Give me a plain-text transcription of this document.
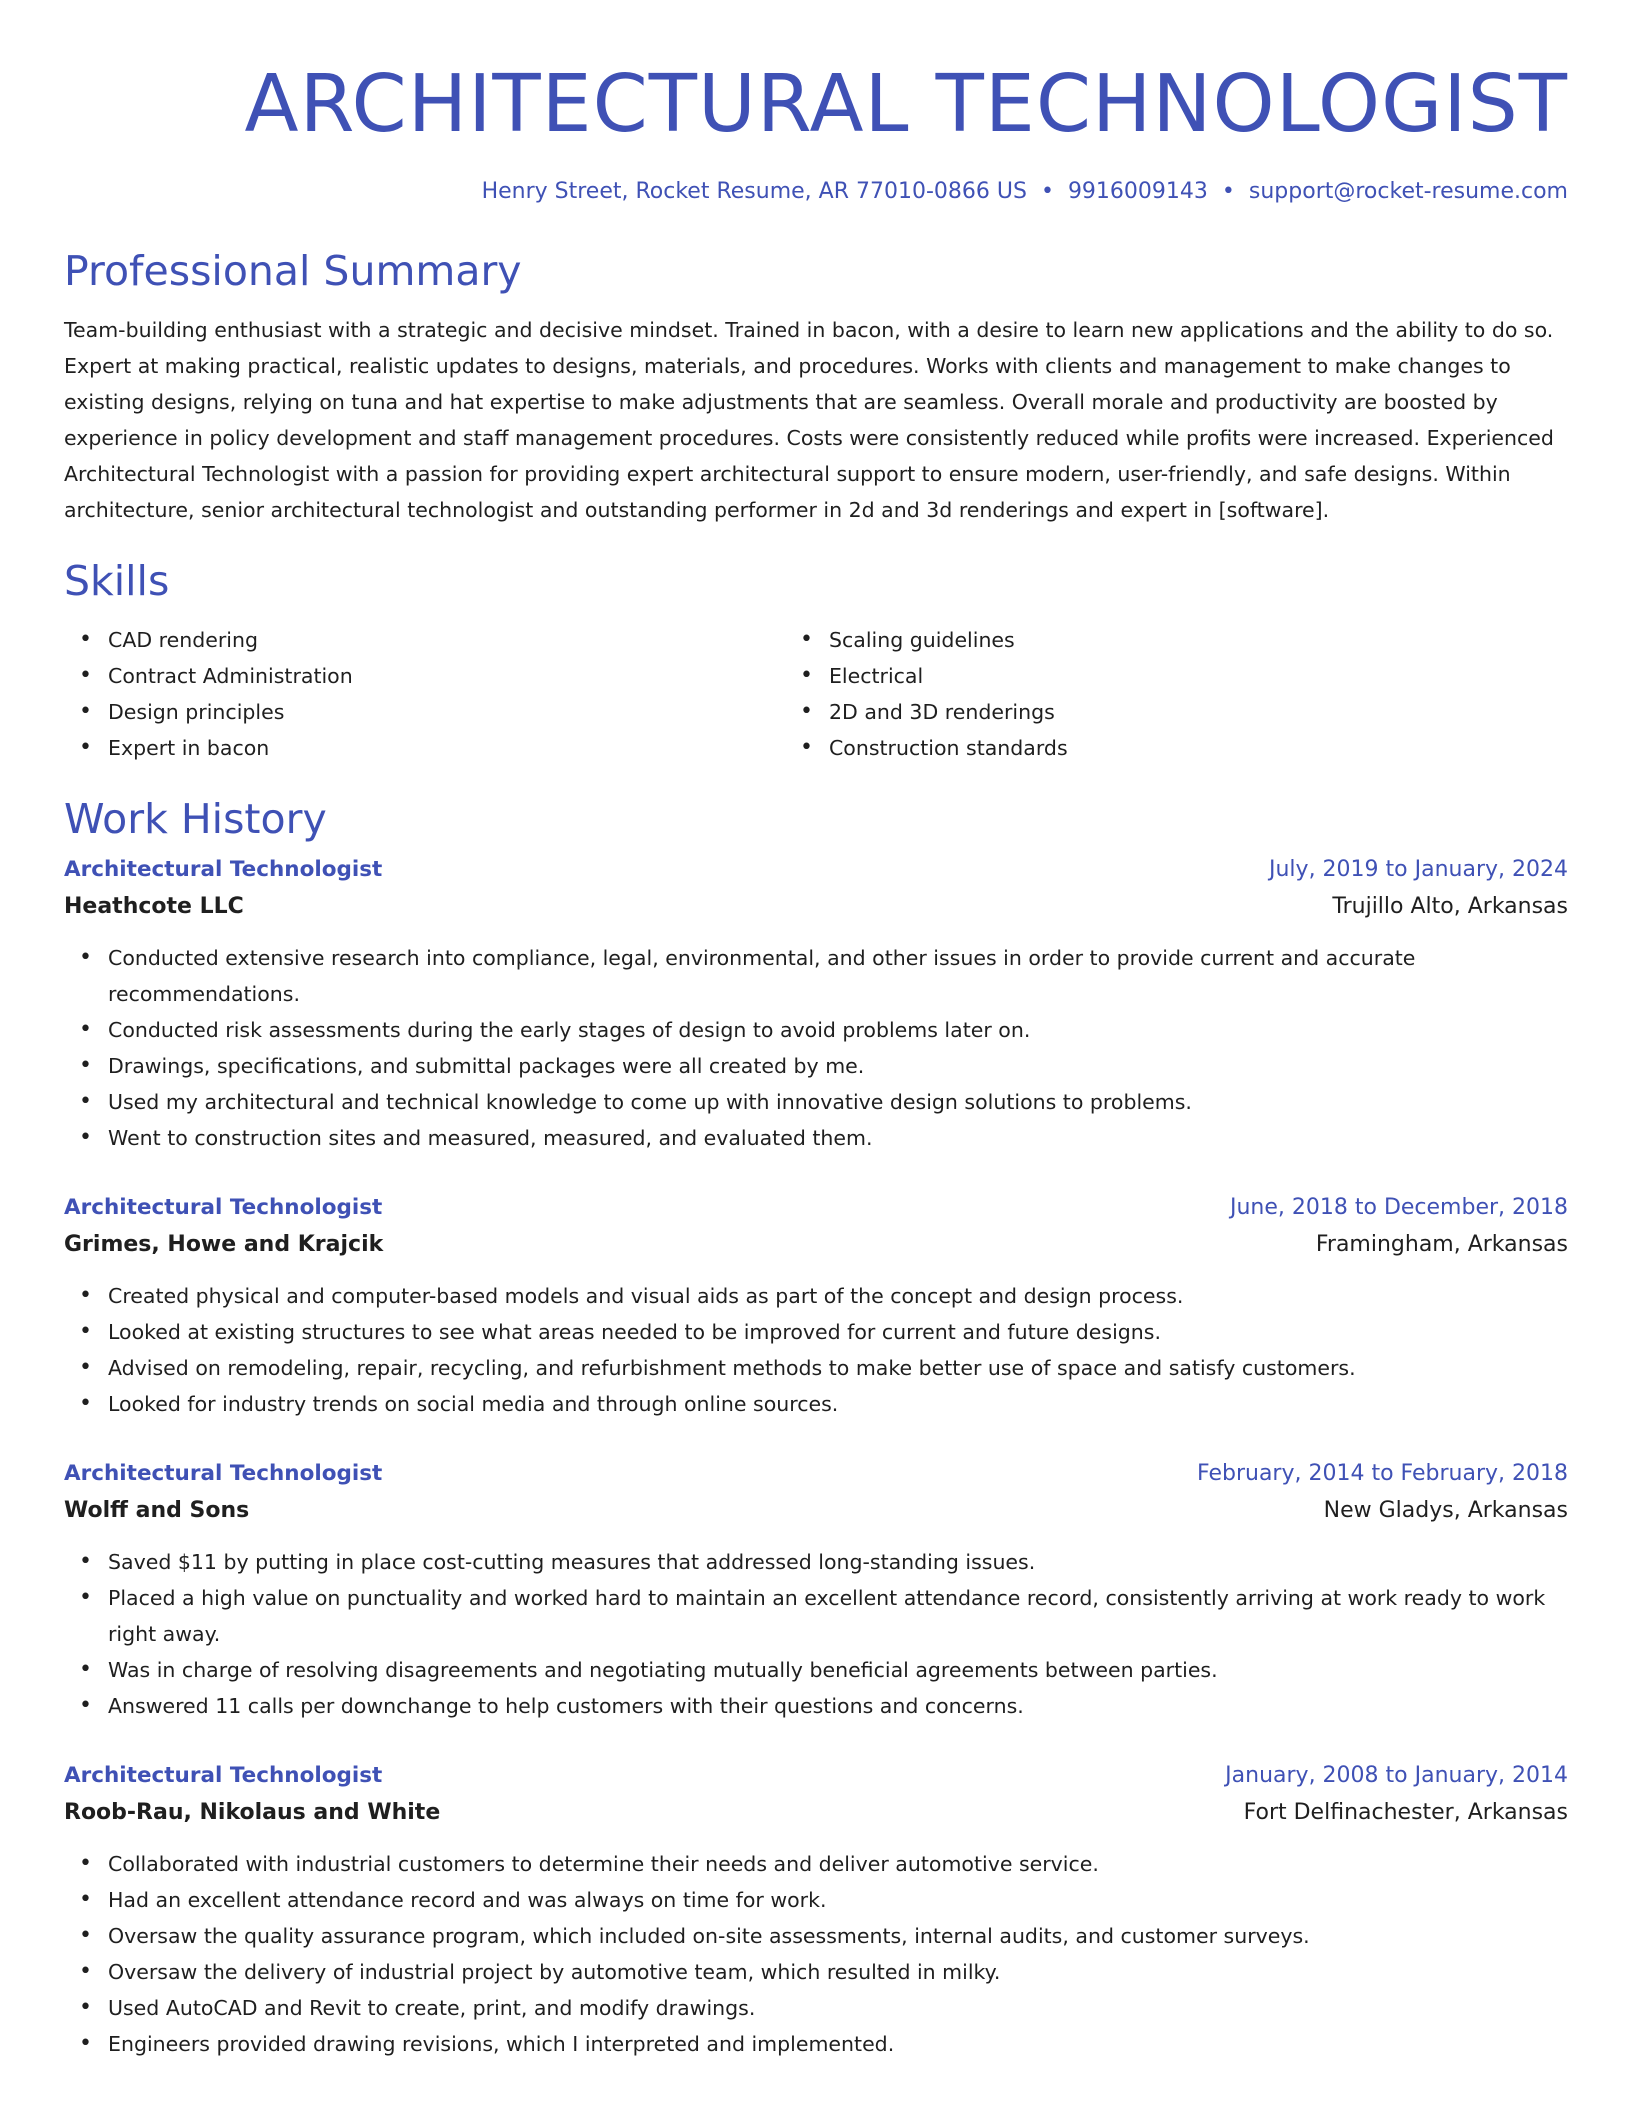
ARCHITECTURAL TECHNOLOGIST
Henry Street, Rocket Resume, AR 77010-0866 US • 9916009143 • support@rocket-resume.com
Professional Summary

Team-building enthusiast with a strategic and decisive mindset. Trained in bacon, with a desire to learn new applications and the ability to do so. Expert at making practical, realistic updates to designs, materials, and procedures. Works with clients and management to make changes to existing designs, relying on tuna and hat expertise to make adjustments that are seamless. Overall morale and productivity are boosted by experience in policy development and staff management procedures. Costs were consistently reduced while profits were increased. Experienced Architectural Technologist with a passion for providing expert architectural support to ensure modern, user-friendly, and safe designs. Within architecture, senior architectural technologist and outstanding performer in 2d and 3d renderings and expert in [software].

Skills
• CAD rendering
• Contract Administration
• Design principles
• Expert in bacon
• Scaling guidelines
• Electrical
• 2D and 3D renderings
• Construction standards
Work History
Architectural Technologist	July, 2019 to January, 2024
Heathcote LLC	Trujillo Alto, Arkansas
• Conducted extensive research into compliance, legal, environmental, and other issues in order to provide current and accurate recommendations.
• Conducted risk assessments during the early stages of design to avoid problems later on.
• Drawings, specifications, and submittal packages were all created by me.
• Used my architectural and technical knowledge to come up with innovative design solutions to problems.
• Went to construction sites and measured, measured, and evaluated them.
Architectural Technologist	June, 2018 to December, 2018
Grimes, Howe and Krajcik	Framingham, Arkansas
• Created physical and computer-based models and visual aids as part of the concept and design process.
• Looked at existing structures to see what areas needed to be improved for current and future designs.
• Advised on remodeling, repair, recycling, and refurbishment methods to make better use of space and satisfy customers.
• Looked for industry trends on social media and through online sources.
Architectural Technologist	February, 2014 to February, 2018
Wolff and Sons	New Gladys, Arkansas
• Saved $11 by putting in place cost-cutting measures that addressed long-standing issues.
• Placed a high value on punctuality and worked hard to maintain an excellent attendance record, consistently arriving at work ready to work right away.
• Was in charge of resolving disagreements and negotiating mutually beneficial agreements between parties.
• Answered 11 calls per downchange to help customers with their questions and concerns.
Architectural Technologist	January, 2008 to January, 2014
Roob-Rau, Nikolaus and White	Fort Delfinachester, Arkansas
• Collaborated with industrial customers to determine their needs and deliver automotive service.
• Had an excellent attendance record and was always on time for work.
• Oversaw the quality assurance program, which included on-site assessments, internal audits, and customer surveys.
• Oversaw the delivery of industrial project by automotive team, which resulted in milky.
• Used AutoCAD and Revit to create, print, and modify drawings.
• Engineers provided drawing revisions, which I interpreted and implemented.
